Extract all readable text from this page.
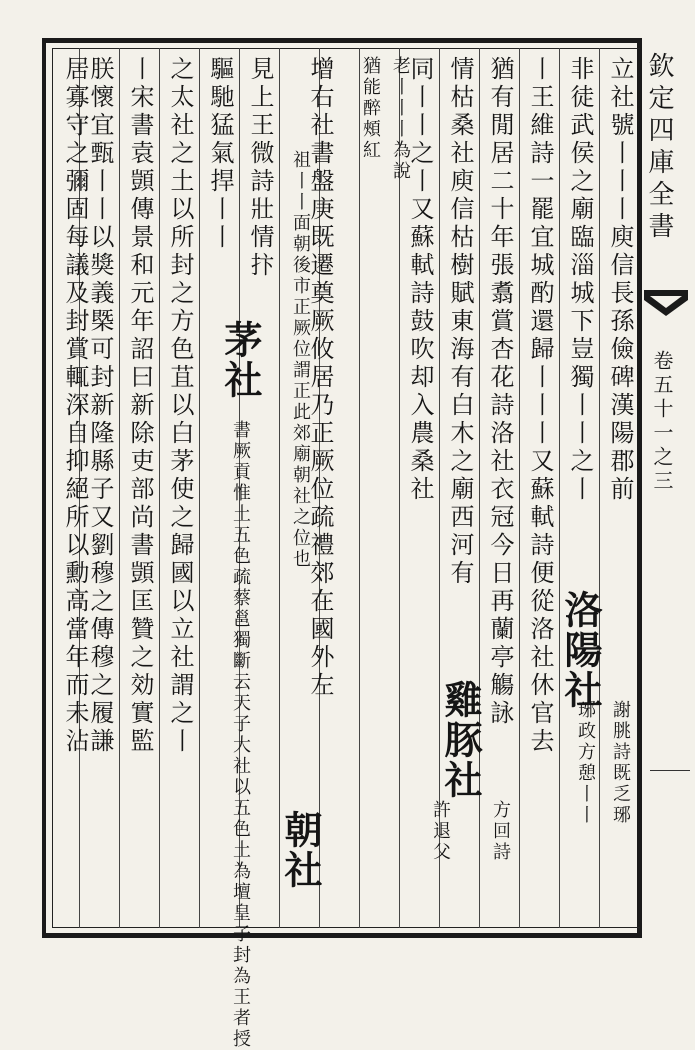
欽定四庫全書
卷五十一之三
立社號丨丨丨庾信長孫儉碑漢陽郡前
非徒武侯之廟臨淄城下豈獨丨丨之丨
洛陽社
謝朓詩既乏琊
琊政方憩丨丨
丨王維詩一罷宜城酌還歸丨丨丨又蘇軾詩便從洛社休官去
猶有閒居二十年張翥賞杏花詩洛社衣冠今日再蘭亭觴詠
情枯桑社庾信枯樹賦東海有白木之廟西河有
雞豚社
方回詩
許退父
同丨丨之丨又蘇軾詩鼓吹却入農桑社
老丨丨丨為說
猶能醉頰紅
增右社書盤庚既遷奠厥攸居乃正厥位疏禮郊在國外左
祖丨丨面朝後市正厥位謂正此郊廟朝社之位也
朝社
見上王微詩壯情抃
驅馳猛氣捍丨丨
茅社
書厥貢惟土五色疏蔡邕獨斷云天子大社以五色土為壇皇子封為王者授
之太社之土以所封之方色苴以白茅使之歸國以立社謂之丨
丨宋書袁顗傳景和元年詔曰新除吏部尚書顗匡贊之効實監
朕懷宜甄丨丨以獎義槩可封新隆縣子又劉穆之傳穆之履謙
居寡守之彌固每議及封賞輒深自抑絕所以勳高當年而未沾
